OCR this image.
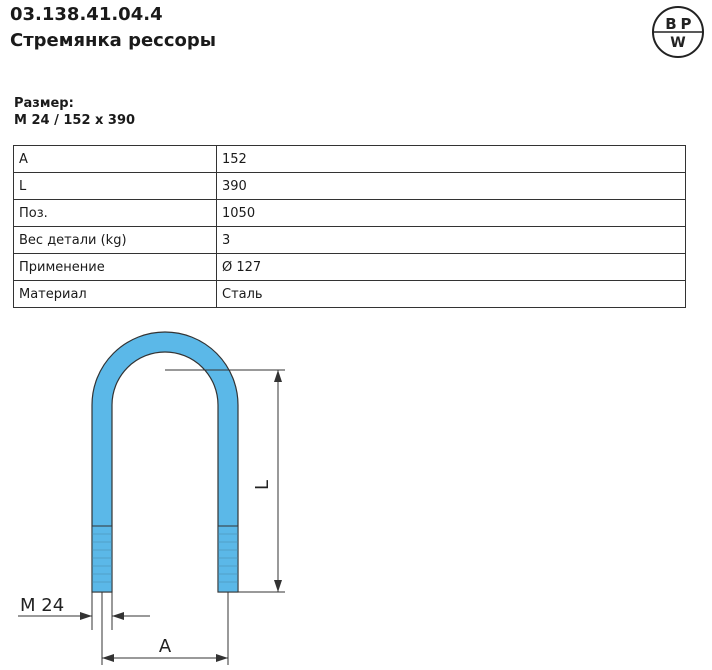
03.138.41.04.4
Стремянка рессоры
B P
W
Размер:
M 24 / 152 x 390
A	152
L	390
Поз.	1050
Вес детали (kg)	3
Применение	Ø 127
Материал	Сталь
L
M 24
A
